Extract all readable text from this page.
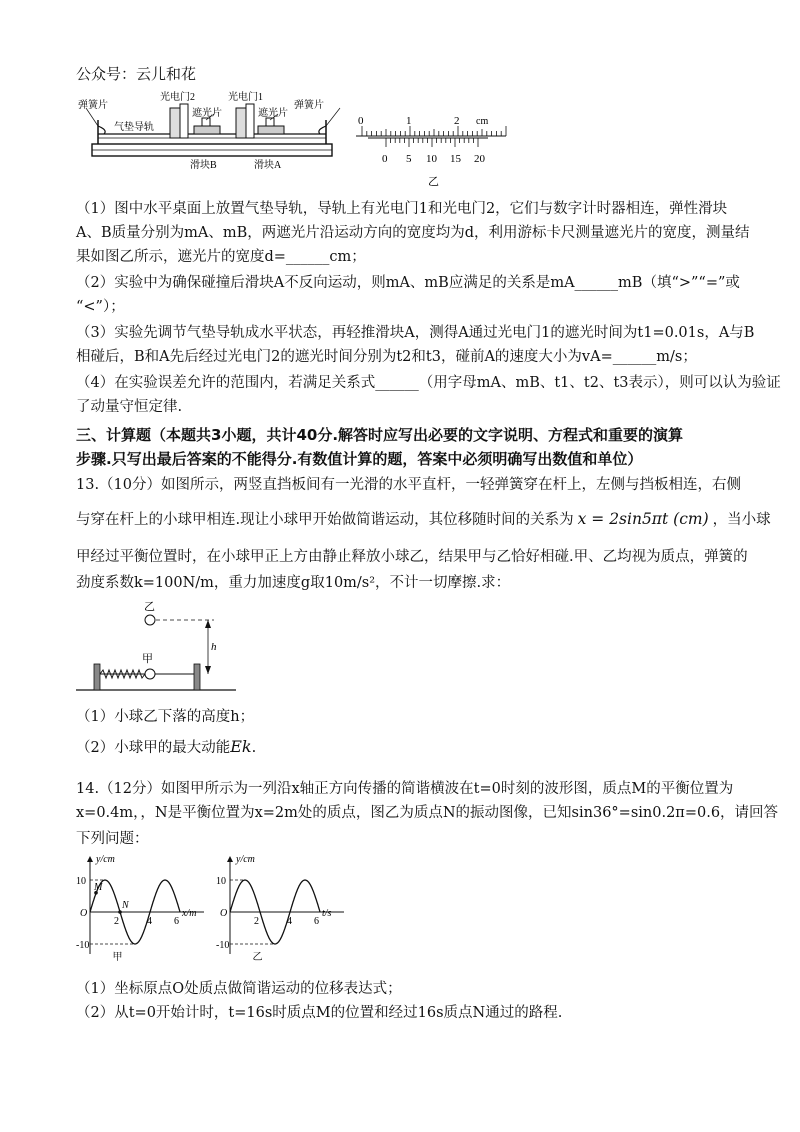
公众号：云儿和花
弹簧片
气垫导轨
光电门2
遮光片
光电门1
遮光片
弹簧片
滑块B	滑块A
0	1	2 cm
0 5 10 15 20
乙
（1）图中水平桌面上放置气垫导轨，导轨上有光电门1和光电门2，它们与数字计时器相连，弹性滑块
A、B质量分别为mA、mB，两遮光片沿运动方向的宽度均为d，利用游标卡尺测量遮光片的宽度，测量结
果如图乙所示，遮光片的宽度d=______cm；
（2）实验中为确保碰撞后滑块A不反向运动，则mA、mB应满足的关系是mA______mB（填“>”“=”或
“<”）；
（3）实验先调节气垫导轨成水平状态，再轻推滑块A，测得A通过光电门1的遮光时间为t1=0.01s，A与B
相碰后，B和A先后经过光电门2的遮光时间分别为t2和t3，碰前A的速度大小为vA=______m/s；
（4）在实验误差允许的范围内，若满足关系式______（用字母mA、mB、t1、t2、t3表示），则可以认为验证
了动量守恒定律.
三、计算题（本题共3小题，共计40分.解答时应写出必要的文字说明、方程式和重要的演算
步骤.只写出最后答案的不能得分.有数值计算的题，答案中必须明确写出数值和单位）
13.（10分）如图所示，两竖直挡板间有一光滑的水平直杆，一轻弹簧穿在杆上，左侧与挡板相连，右侧
与穿在杆上的小球甲相连.现让小球甲开始做简谐运动，其位移随时间的关系为 x = 2sin5πt (cm) ，当小球
甲经过平衡位置时，在小球甲正上方由静止释放小球乙，结果甲与乙恰好相碰.甲、乙均视为质点，弹簧的
劲度系数k=100N/m，重力加速度g取10m/s²，不计一切摩擦.求：
乙
h
甲
（1）小球乙下落的高度h；
（2）小球甲的最大动能Ek.
14.（12分）如图甲所示为一列沿x轴正方向传播的简谐横波在t=0时刻的波形图，质点M的平衡位置为
x=0.4m，，N是平衡位置为x=2m处的质点，图乙为质点N的振动图像，已知sin36°=sin0.2π=0.6，请回答
下列问题：
y/cm
10
-10
O
2	4 6
x/m
甲
M
N
y/cm
10
-10
O
2	4 6
t/s
乙
（1）坐标原点O处质点做简谐运动的位移表达式；
（2）从t=0开始计时，t=16s时质点M的位置和经过16s质点N通过的路程.
